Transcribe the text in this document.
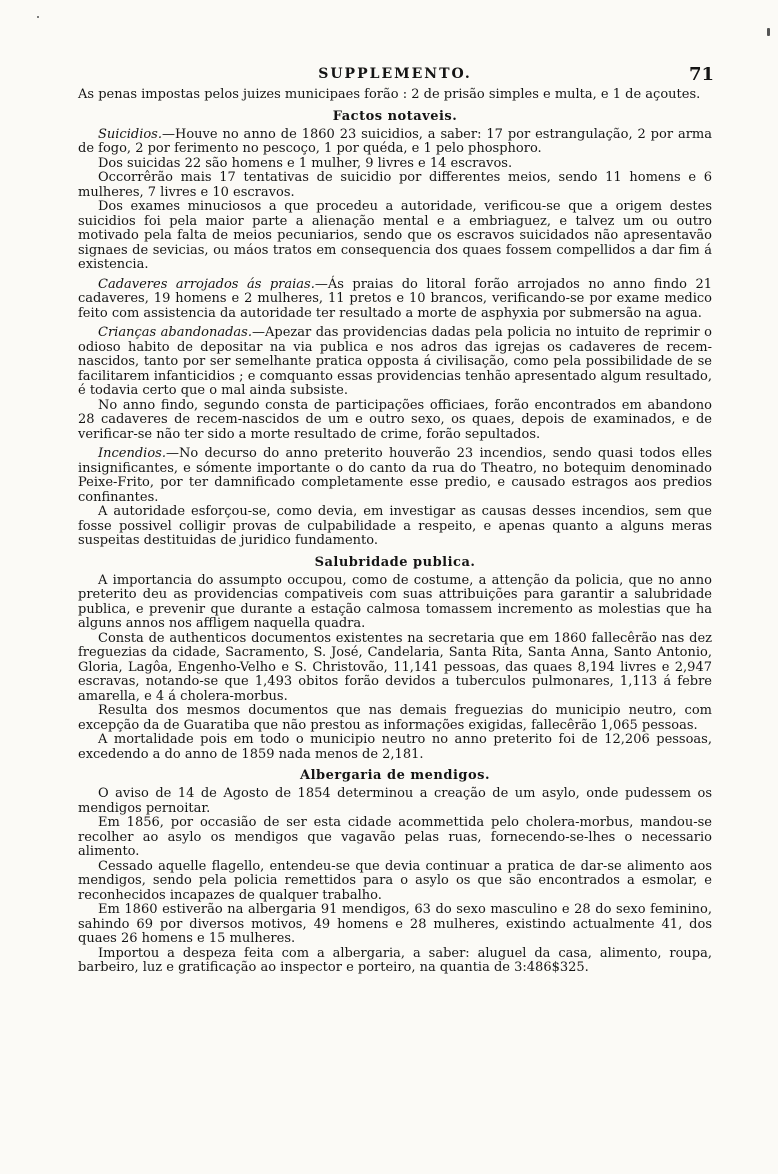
SUPPLEMENTO.	71

As penas impostas pelos juizes municipaes forão : 2 de prisão simples e multa, e 1 de açoutes.

Factos notaveis.

Suicidios.—Houve no anno de 1860 23 suicidios, a saber: 17 por estrangulação, 2 por arma de fogo, 2 por ferimento no pescoço, 1 por quéda, e 1 pelo phosphoro.

Dos suicidas 22 são homens e 1 mulher, 9 livres e 14 escravos.

Occorrêrão mais 17 tentativas de suicidio por differentes meios, sendo 11 homens e 6 mulheres, 7 livres e 10 escravos.

Dos exames minuciosos a que procedeu a autoridade, verificou-se que a origem destes suicidios foi pela maior parte a alienação mental e a embriaguez, e talvez um ou outro motivado pela falta de meios pecuniarios, sendo que os escravos suicidados não apresentavão signaes de sevicias, ou máos tratos em consequencia dos quaes fossem compellidos a dar fim á existencia.

Cadaveres arrojados ás praias.—Ás praias do litoral forão arrojados no anno findo 21 cadaveres, 19 homens e 2 mulheres, 11 pretos e 10 brancos, verificando-se por exame medico feito com assistencia da autoridade ter resultado a morte de asphyxia por submersão na agua.

Crianças abandonadas.—Apezar das providencias dadas pela policia no intuito de reprimir o odioso habito de depositar na via publica e nos adros das igrejas os cadaveres de recem-nascidos, tanto por ser semelhante pratica opposta á civilisação, como pela possibilidade de se facilitarem infanticidios ; e comquanto essas providencias tenhão apresentado algum resultado, é todavia certo que o mal ainda subsiste.

No anno findo, segundo consta de participações officiaes, forão encontrados em abandono 28 cadaveres de recem-nascidos de um e outro sexo, os quaes, depois de examinados, e de verificar-se não ter sido a morte resultado de crime, forão sepultados.

Incendios.—No decurso do anno preterito houverão 23 incendios, sendo quasi todos elles insignificantes, e sómente importante o do canto da rua do Theatro, no botequim denominado Peixe-Frito, por ter damnificado completamente esse predio, e causado estragos aos predios confinantes.

A autoridade esforçou-se, como devia, em investigar as causas desses incendios, sem que fosse possivel colligir provas de culpabilidade a respeito, e apenas quanto a alguns meras suspeitas destituidas de juridico fundamento.

Salubridade publica.

A importancia do assumpto occupou, como de costume, a attenção da policia, que no anno preterito deu as providencias compativeis com suas attribuições para garantir a salubridade publica, e prevenir que durante a estação calmosa tomassem incremento as molestias que ha alguns annos nos affligem naquella quadra.

Consta de authenticos documentos existentes na secretaria que em 1860 fallecêrão nas dez freguezias da cidade, Sacramento, S. José, Candelaria, Santa Rita, Santa Anna, Santo Antonio, Gloria, Lagôa, Engenho-Velho e S. Christovão, 11,141 pessoas, das quaes 8,194 livres e 2,947 escravas, notando-se que 1,493 obitos forão devidos a tuberculos pulmonares, 1,113 á febre amarella, e 4 á cholera-morbus.

Resulta dos mesmos documentos que nas demais freguezias do municipio neutro, com excepção da de Guaratiba que não prestou as informações exigidas, fallecêrão 1,065 pessoas.

A mortalidade pois em todo o municipio neutro no anno preterito foi de 12,206 pessoas, excedendo a do anno de 1859 nada menos de 2,181.

Albergaria de mendigos.

O aviso de 14 de Agosto de 1854 determinou a creação de um asylo, onde pudessem os mendigos pernoitar.

Em 1856, por occasião de ser esta cidade acommettida pelo cholera-morbus, mandou-se recolher ao asylo os mendigos que vagavão pelas ruas, fornecendo-se-lhes o necessario alimento.

Cessado aquelle flagello, entendeu-se que devia continuar a pratica de dar-se alimento aos mendigos, sendo pela policia remettidos para o asylo os que são encontrados a esmolar, e reconhecidos incapazes de qualquer trabalho.

Em 1860 estiverão na albergaria 91 mendigos, 63 do sexo masculino e 28 do sexo feminino, sahindo 69 por diversos motivos, 49 homens e 28 mulheres, existindo actualmente 41, dos quaes 26 homens e 15 mulheres.

Importou a despeza feita com a albergaria, a saber: aluguel da casa, alimento, roupa, barbeiro, luz e gratificação ao inspector e porteiro, na quantia de 3:486$325.
